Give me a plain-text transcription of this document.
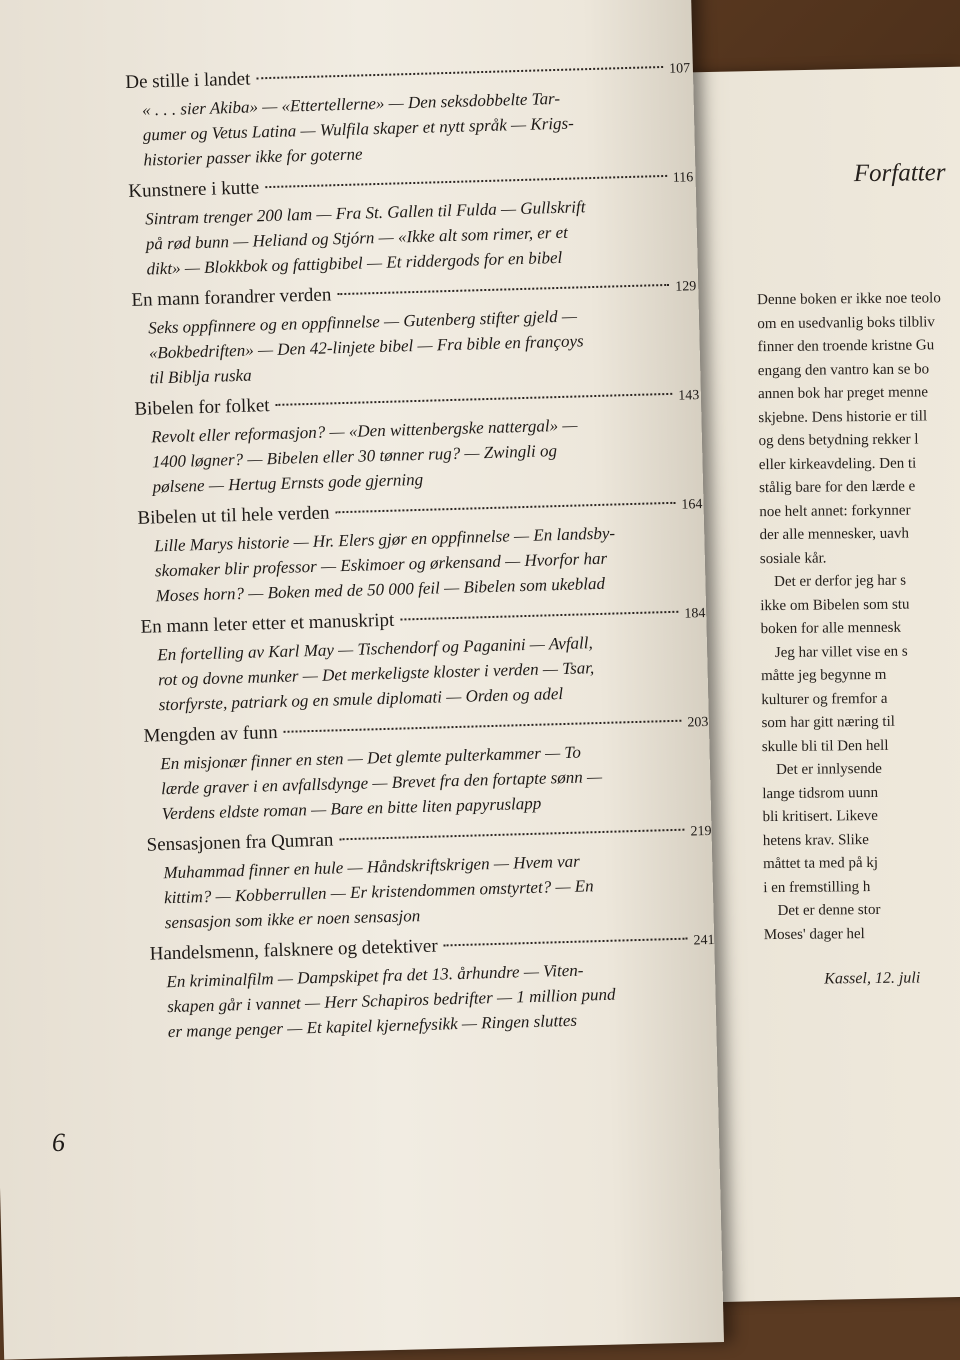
Forfatter
Denne boken er ikke noe teolo
om en usedvanlig boks tilbliv
finner den troende kristne Gu
engang den vantro kan se bo
annen bok har preget menne
skjebne. Dens historie er till
og dens betydning rekker l
eller kirkeavdeling. Den ti
stålig bare for den lærde e
noe helt annet: forkynner
der alle mennesker, uavh
sosiale kår.
Det er derfor jeg har s
ikke om Bibelen som stu
boken for alle mennesk
Jeg har villet vise en s
måtte jeg begynne m
kulturer og fremfor a
som har gitt næring til
skulle bli til Den hell
Det er innlysende
lange tidsrom uunn
bli kritisert. Likeve
hetens krav. Slike
måttet ta med på kj
i en fremstilling h
Det er denne stor
Moses' dager hel
Kassel, 12. juli
De stille i landet	107
« . . . sier Akiba» — «Ettertellerne» — Den seksdobbelte Tar-
gumer og Vetus Latina — Wulfila skaper et nytt språk — Krigs-
historier passer ikke for goterne
Kunstnere i kutte	116
Sintram trenger 200 lam — Fra St. Gallen til Fulda — Gullskrift
på rød bunn — Heliand og Stjórn — «Ikke alt som rimer, er et
dikt» — Blokkbok og fattigbibel — Et riddergods for en bibel
En mann forandrer verden	129
Seks oppfinnere og en oppfinnelse — Gutenberg stifter gjeld —
«Bokbedriften» — Den 42-linjete bibel — Fra bible en françoys
til Biblja ruska
Bibelen for folket	143
Revolt eller reformasjon? — «Den wittenbergske nattergal» —
1400 løgner? — Bibelen eller 30 tønner rug? — Zwingli og
pølsene — Hertug Ernsts gode gjerning
Bibelen ut til hele verden	164
Lille Marys historie — Hr. Elers gjør en oppfinnelse — En landsby-
skomaker blir professor — Eskimoer og ørkensand — Hvorfor har
Moses horn? — Boken med de 50 000 feil — Bibelen som ukeblad
En mann leter etter et manuskript	184
En fortelling av Karl May — Tischendorf og Paganini — Avfall,
rot og dovne munker — Det merkeligste kloster i verden — Tsar,
storfyrste, patriark og en smule diplomati — Orden og adel
Mengden av funn	203
En misjonær finner en sten — Det glemte pulterkammer — To
lærde graver i en avfallsdynge — Brevet fra den fortapte sønn —
Verdens eldste roman — Bare en bitte liten papyruslapp
Sensasjonen fra Qumran	219
Muhammad finner en hule — Håndskriftskrigen — Hvem var
kittim? — Kobberrullen — Er kristendommen omstyrtet? — En
sensasjon som ikke er noen sensasjon
Handelsmenn, falsknere og detektiver	241
En kriminalfilm — Dampskipet fra det 13. århundre — Viten-
skapen går i vannet — Herr Schapiros bedrifter — 1 million pund
er mange penger — Et kapitel kjernefysikk — Ringen sluttes
6
